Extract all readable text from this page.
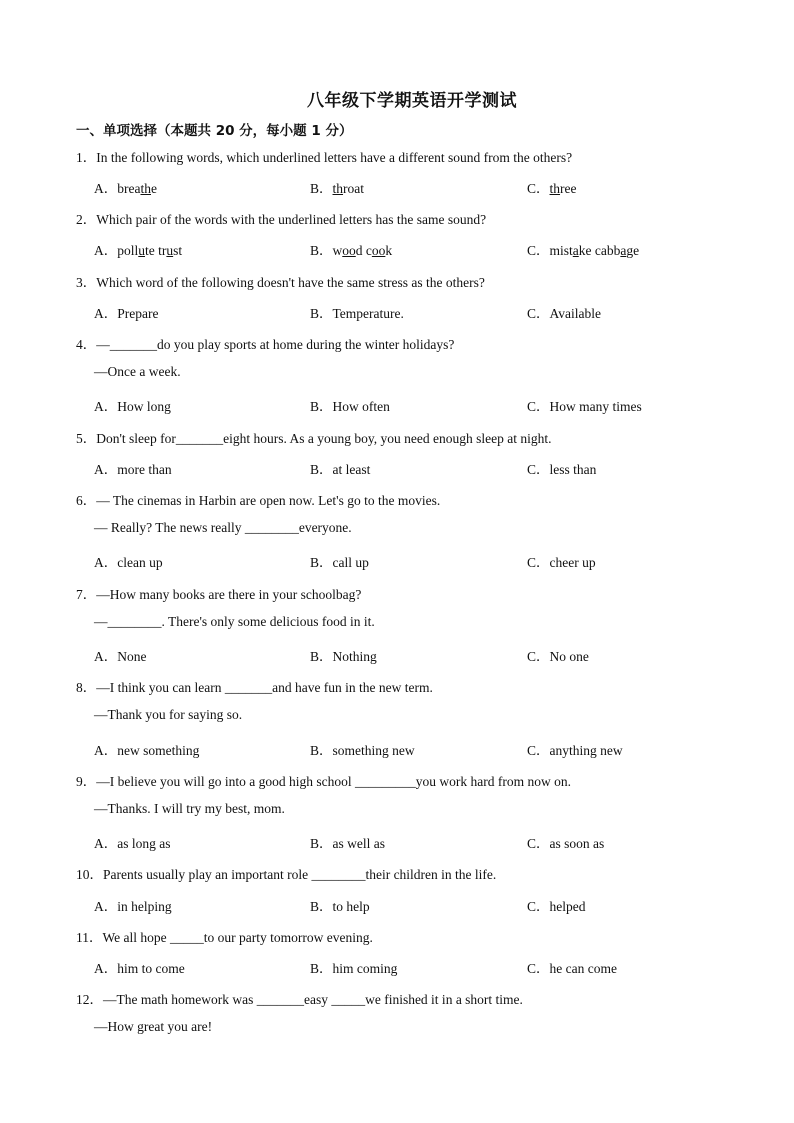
八年级下学期英语开学测试
一、单项选择（本题共 20 分，每小题 1 分）
1．In the following words, which underlined letters have a different sound from the others?
A．breathe	B．throat	C．three
2．Which pair of the words with the underlined letters has the same sound?
A．pollute trust	B．wood cook	C．mistake cabbage
3．Which word of the following doesn't have the same stress as the others?
A．Prepare	B．Temperature.	C．Available
4．—_______do you play sports at home during the winter holidays?
—Once a week.
A．How long	B．How often	C．How many times
5．Don't sleep for_______eight hours. As a young boy, you need enough sleep at night.
A．more than	B．at least	C．less than
6．— The cinemas in Harbin are open now. Let's go to the movies.
— Really? The news really ________everyone.
A．clean up	B．call up	C．cheer up
7．—How many books are there in your schoolbag?
—________. There's only some delicious food in it.
A．None	B．Nothing	C．No one
8．—I think you can learn _______and have fun in the new term.
—Thank you for saying so.
A．new something	B．something new	C．anything new
9．—I believe you will go into a good high school _________you work hard from now on.
—Thanks. I will try my best, mom.
A．as long as	B．as well as	C．as soon as
10．Parents usually play an important role ________their children in the life.
A．in helping	B．to help	C．helped
11．We all hope _____to our party tomorrow evening.
A．him to come	B．him coming	C．he can come
12．—The math homework was _______easy _____we finished it in a short time.
—How great you are!
